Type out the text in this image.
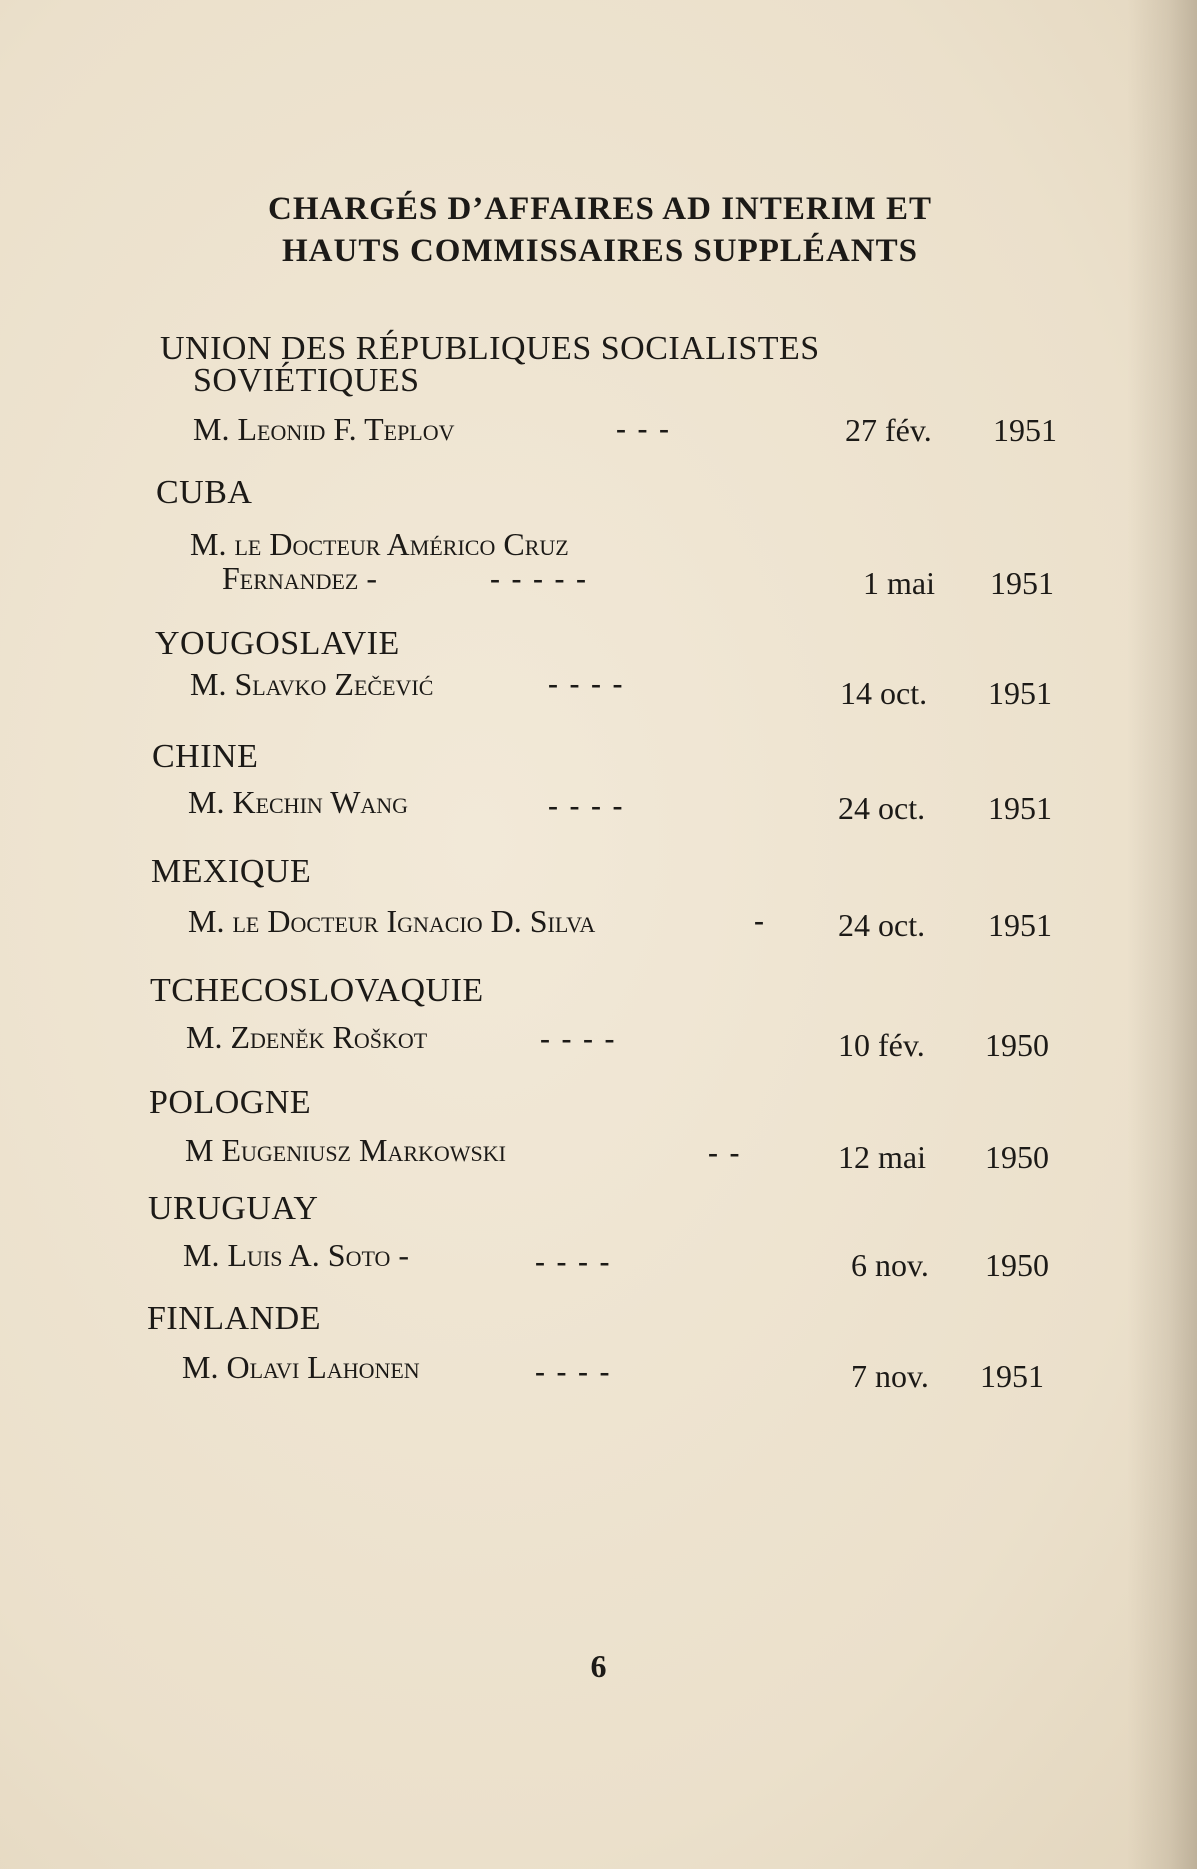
CHARGÉS D’AFFAIRES AD INTERIM ET
HAUTS COMMISSAIRES SUPPLÉANTS
UNION DES RÉPUBLIQUES SOCIALISTES
SOVIÉTIQUES
M. Leonid F. Teplov	- - -	27 fév. 1951
CUBA
M. le Docteur Américo Cruz
Fernandez -	- - - - -	1 mai 1951
YOUGOSLAVIE
M. Slavko Zečević	- - - -	14 oct. 1951
CHINE
M. Kechin Wang	- - - -	24 oct. 1951
MEXIQUE
M. le Docteur Ignacio D. Silva	- 24 oct. 1951
TCHECOSLOVAQUIE
M. Zdeněk Roškot	- - - -	10 fév. 1950
POLOGNE
M Eugeniusz Markowski	- -	12 mai 1950
URUGUAY
M. Luis A. Soto -	- - - -	6 nov. 1950
FINLANDE
M. Olavi Lahonen	- - - -	7 nov. 1951
6
